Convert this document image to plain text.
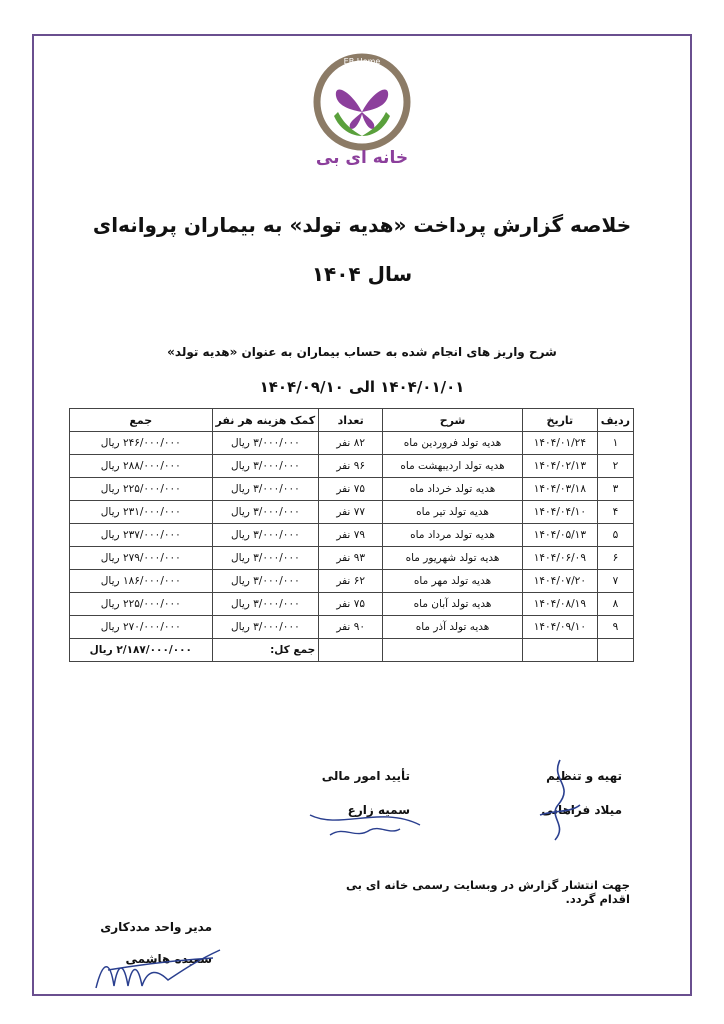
EB Home
خانه ای بی
خلاصه گزارش پرداخت «هدیه تولد» به بیماران پروانه‌ای
سال ۱۴۰۴
شرح واریز های انجام شده به حساب بیماران به عنوان «هدیه تولد»
۱۴۰۴/۰۱/۰۱ الی ۱۴۰۴/۰۹/۱۰
ردیف	تاریخ	شرح	تعداد	کمک هزینه هر نفر	جمع
۱	۱۴۰۴/۰۱/۲۴	هدیه تولد فروردین ماه	۸۲ نفر	۳/۰۰۰/۰۰۰ ریال	۲۴۶/۰۰۰/۰۰۰ ریال
۲	۱۴۰۴/۰۲/۱۳	هدیه تولد اردیبهشت ماه	۹۶ نفر	۳/۰۰۰/۰۰۰ ریال	۲۸۸/۰۰۰/۰۰۰ ریال
۳	۱۴۰۴/۰۳/۱۸	هدیه تولد خرداد ماه	۷۵ نفر	۳/۰۰۰/۰۰۰ ریال	۲۲۵/۰۰۰/۰۰۰ ریال
۴	۱۴۰۴/۰۴/۱۰	هدیه تولد تیر ماه	۷۷ نفر	۳/۰۰۰/۰۰۰ ریال	۲۳۱/۰۰۰/۰۰۰ ریال
۵	۱۴۰۴/۰۵/۱۳	هدیه تولد مرداد ماه	۷۹ نفر	۳/۰۰۰/۰۰۰ ریال	۲۳۷/۰۰۰/۰۰۰ ریال
۶	۱۴۰۴/۰۶/۰۹	هدیه تولد شهریور ماه	۹۳ نفر	۳/۰۰۰/۰۰۰ ریال	۲۷۹/۰۰۰/۰۰۰ ریال
۷	۱۴۰۴/۰۷/۲۰	هدیه تولد مهر ماه	۶۲ نفر	۳/۰۰۰/۰۰۰ ریال	۱۸۶/۰۰۰/۰۰۰ ریال
۸	۱۴۰۴/۰۸/۱۹	هدیه تولد آبان ماه	۷۵ نفر	۳/۰۰۰/۰۰۰ ریال	۲۲۵/۰۰۰/۰۰۰ ریال
۹	۱۴۰۴/۰۹/۱۰	هدیه تولد آذر ماه	۹۰ نفر	۳/۰۰۰/۰۰۰ ریال	۲۷۰/۰۰۰/۰۰۰ ریال
				جمع کل:	۲/۱۸۷/۰۰۰/۰۰۰ ریال
تهیه و تنظیم
میلاد فراهانی
تأیید امور مالی
سمیه زارع
جهت انتشار گزارش در وبسایت رسمی خانه ای بی اقدام گردد.
مدیر واحد مددکاری
سعیده هاشمی
